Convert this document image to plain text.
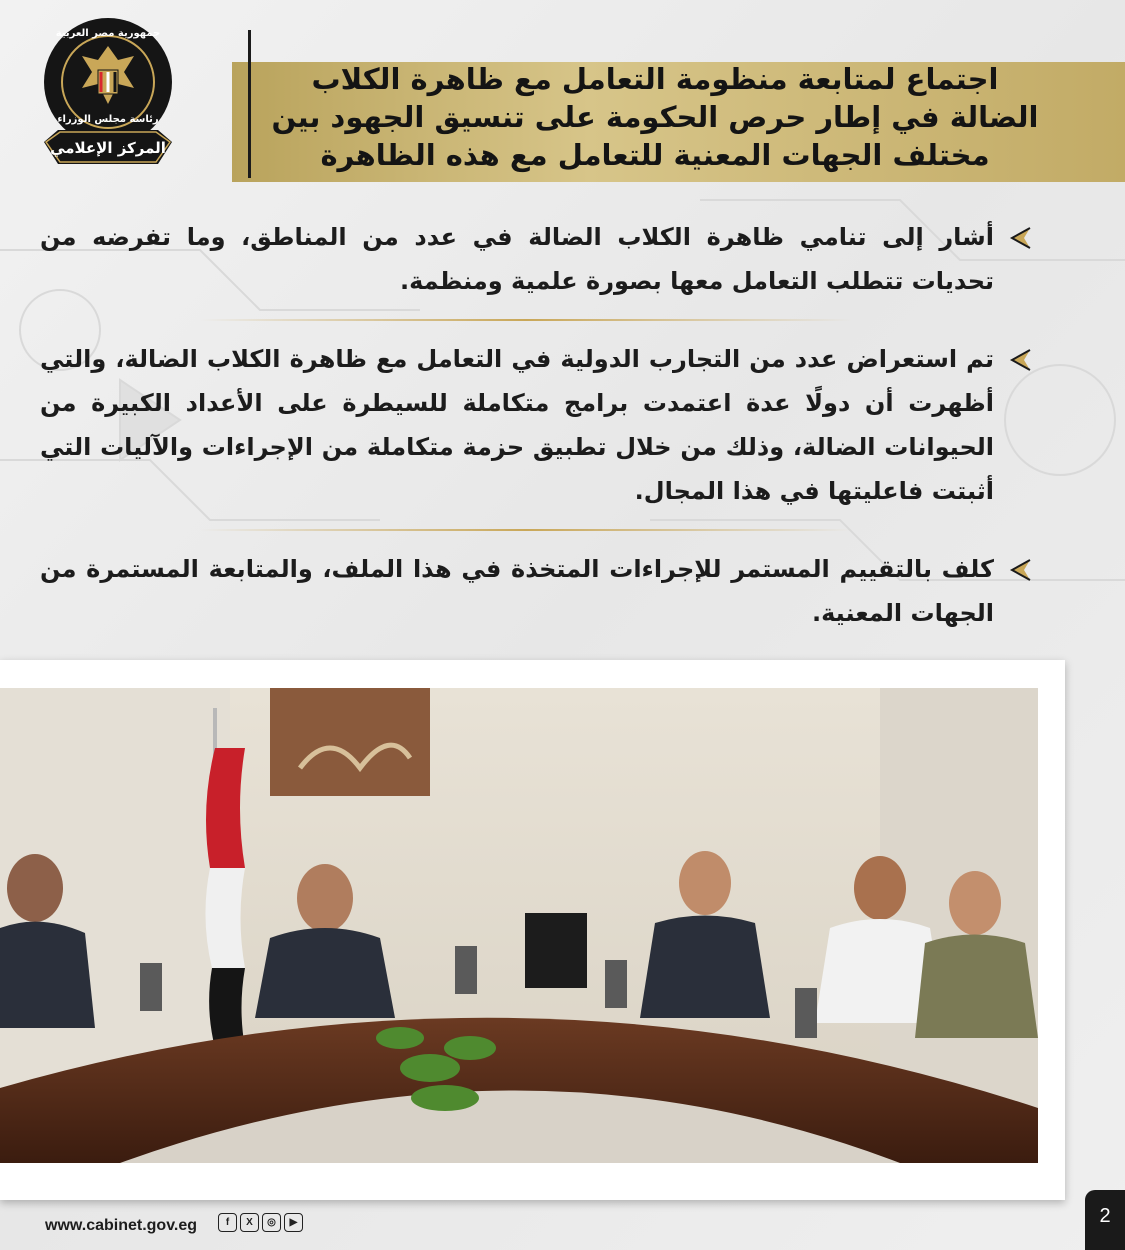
المركز الإعلامي
جمهورية مصر العربية
رئاسة مجلس الوزراء
اجتماع لمتابعة منظومة التعامل مع ظاهرة الكلاب
الضالة في إطار حرص الحكومة على تنسيق الجهود بين
مختلف الجهات المعنية للتعامل مع هذه الظاهرة
أشار إلى تنامي ظاهرة الكلاب الضالة في عدد من المناطق، وما تفرضه من تحديات تتطلب التعامل معها بصورة علمية ومنظمة.
تم استعراض عدد من التجارب الدولية في التعامل مع ظاهرة الكلاب الضالة، والتي أظهرت أن دولًا عدة اعتمدت برامج متكاملة للسيطرة على الأعداد الكبيرة من الحيوانات الضالة، وذلك من خلال تطبيق حزمة متكاملة من الإجراءات والآليات التي أثبتت فاعليتها في هذا المجال.
كلف بالتقييم المستمر للإجراءات المتخذة في هذا الملف، والمتابعة المستمرة من الجهات المعنية.
www.cabinet.gov.eg	f	X	◎	▶	2
